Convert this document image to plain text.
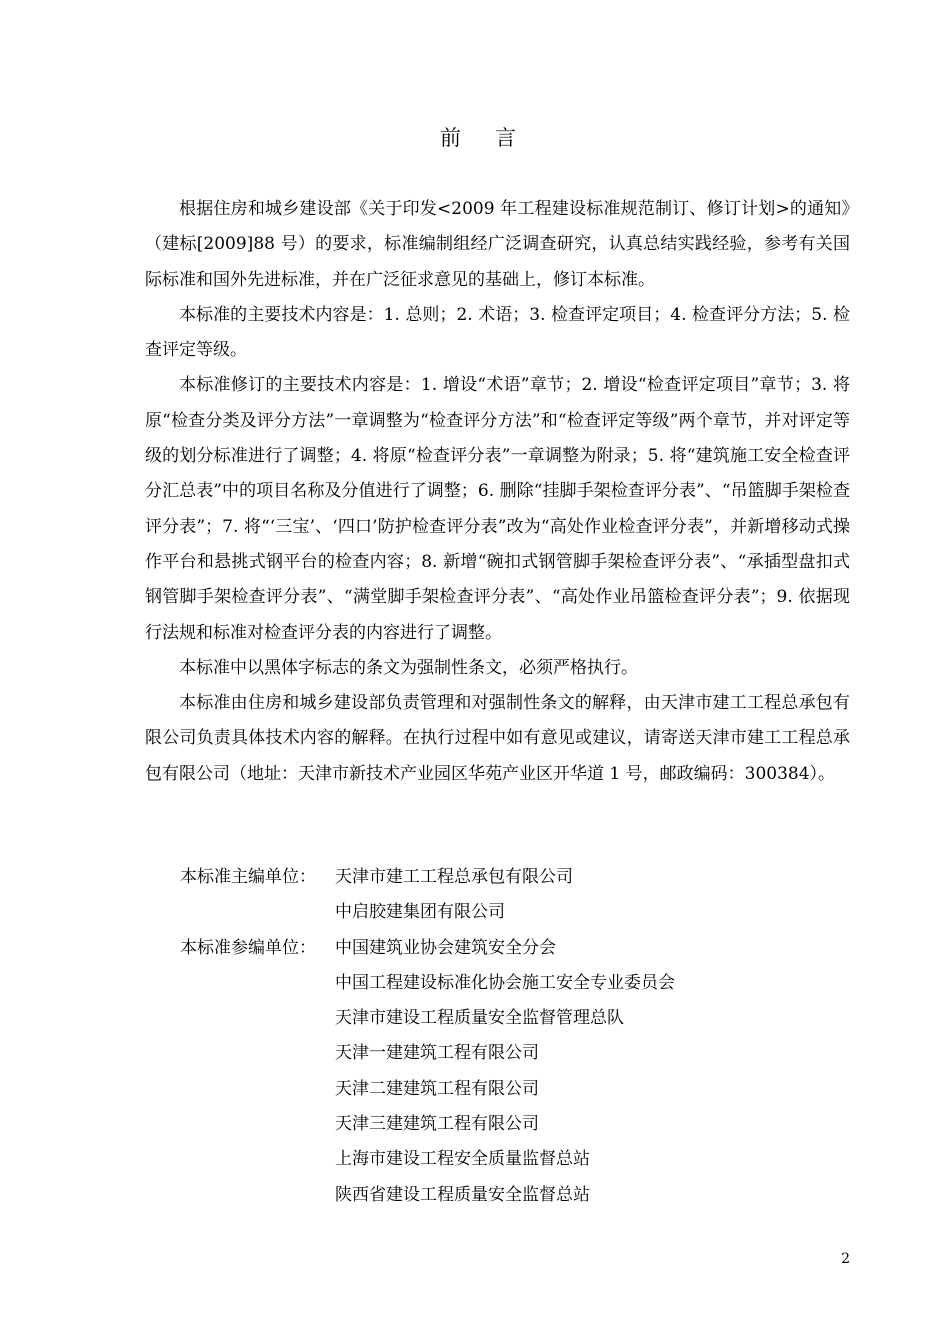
前言

根据住房和城乡建设部《关于印发<2009 年工程建设标准规范制订、修订计划>的通知》（建标[2009]88 号）的要求，标准编制组经广泛调查研究，认真总结实践经验，参考有关国际标准和国外先进标准，并在广泛征求意见的基础上，修订本标准。

本标准的主要技术内容是：1. 总则；2. 术语；3. 检查评定项目；4. 检查评分方法；5. 检查评定等级。

本标准修订的主要技术内容是：1. 增设“术语”章节；2. 增设“检查评定项目”章节；3. 将原“检查分类及评分方法”一章调整为“检查评分方法”和“检查评定等级”两个章节，并对评定等级的划分标准进行了调整；4. 将原“检查评分表”一章调整为附录；5. 将“建筑施工安全检查评分汇总表”中的项目名称及分值进行了调整；6. 删除“挂脚手架检查评分表”、“吊篮脚手架检查评分表”；7. 将“‘三宝’、‘四口’防护检查评分表”改为“高处作业检查评分表”，并新增移动式操作平台和悬挑式钢平台的检查内容；8. 新增“碗扣式钢管脚手架检查评分表”、“承插型盘扣式钢管脚手架检查评分表”、“满堂脚手架检查评分表”、“高处作业吊篮检查评分表”；9. 依据现行法规和标准对检查评分表的内容进行了调整。

本标准中以黑体字标志的条文为强制性条文，必须严格执行。

本标准由住房和城乡建设部负责管理和对强制性条文的解释，由天津市建工工程总承包有限公司负责具体技术内容的解释。在执行过程中如有意见或建议，请寄送天津市建工工程总承包有限公司（地址：天津市新技术产业园区华苑产业区开华道 1 号，邮政编码：300384）。

本标准主编单位：	天津市建工工程总承包有限公司
中启胶建集团有限公司
本标准参编单位：	中国建筑业协会建筑安全分会
中国工程建设标准化协会施工安全专业委员会
天津市建设工程质量安全监督管理总队
天津一建建筑工程有限公司
天津二建建筑工程有限公司
天津三建建筑工程有限公司
上海市建设工程安全质量监督总站
陕西省建设工程质量安全监督总站
2
